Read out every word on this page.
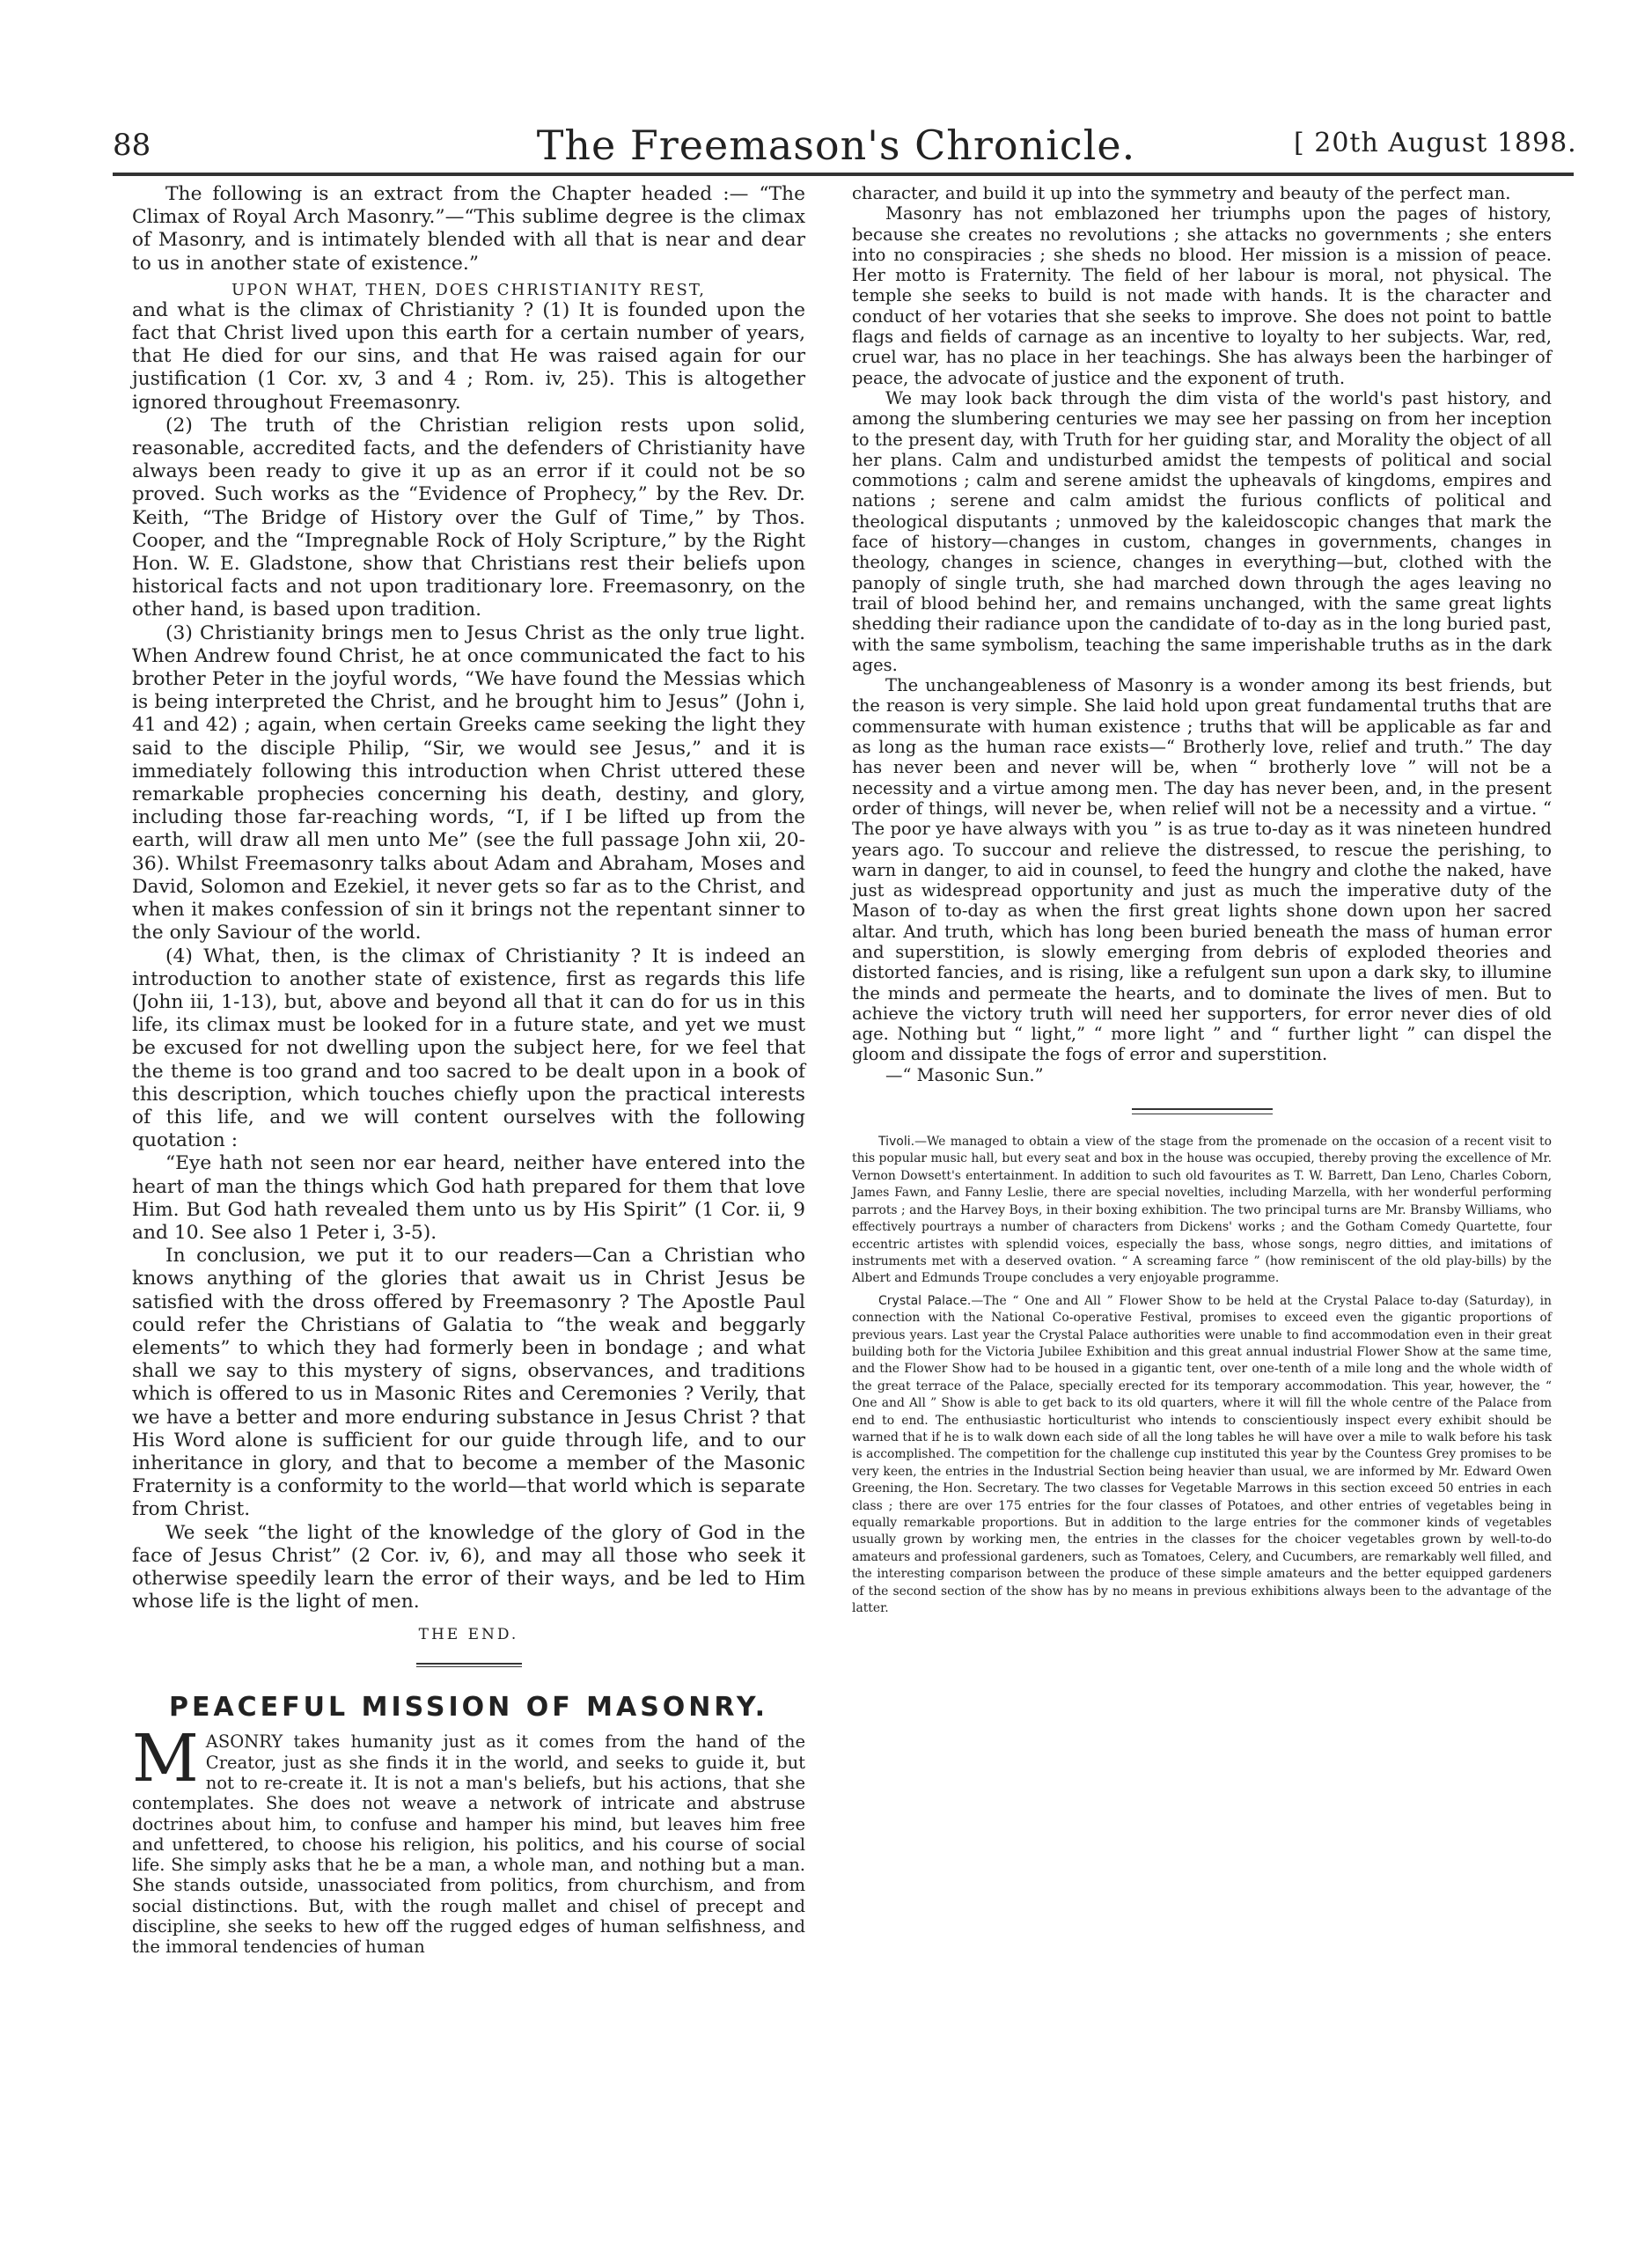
88	The Freemason's Chronicle.	[ 20th August 1898.

The following is an extract from the Chapter headed :— “The Climax of Royal Arch Masonry.”—“This sublime degree is the climax of Masonry, and is intimately blended with all that is near and dear to us in another state of existence.”

UPON WHAT, THEN, DOES CHRISTIANITY REST,

and what is the climax of Christianity ? (1) It is founded upon the fact that Christ lived upon this earth for a certain number of years, that He died for our sins, and that He was raised again for our justification (1 Cor. xv, 3 and 4 ; Rom. iv, 25). This is altogether ignored throughout Freemasonry.

(2) The truth of the Christian religion rests upon solid, reasonable, accredited facts, and the defenders of Christianity have always been ready to give it up as an error if it could not be so proved. Such works as the “Evidence of Prophecy,” by the Rev. Dr. Keith, “The Bridge of History over the Gulf of Time,” by Thos. Cooper, and the “Impregnable Rock of Holy Scripture,” by the Right Hon. W. E. Gladstone, show that Christians rest their beliefs upon historical facts and not upon traditionary lore. Freemasonry, on the other hand, is based upon tradition.

(3) Christianity brings men to Jesus Christ as the only true light. When Andrew found Christ, he at once communicated the fact to his brother Peter in the joyful words, “We have found the Messias which is being interpreted the Christ, and he brought him to Jesus” (John i, 41 and 42) ; again, when certain Greeks came seeking the light they said to the disciple Philip, “Sir, we would see Jesus,” and it is immediately following this introduction when Christ uttered these remarkable prophecies concerning his death, destiny, and glory, including those far-reaching words, “I, if I be lifted up from the earth, will draw all men unto Me” (see the full passage John xii, 20-36). Whilst Freemasonry talks about Adam and Abraham, Moses and David, Solomon and Ezekiel, it never gets so far as to the Christ, and when it makes confession of sin it brings not the repentant sinner to the only Saviour of the world.

(4) What, then, is the climax of Christianity ? It is indeed an introduction to another state of existence, first as regards this life (John iii, 1-13), but, above and beyond all that it can do for us in this life, its climax must be looked for in a future state, and yet we must be excused for not dwelling upon the subject here, for we feel that the theme is too grand and too sacred to be dealt upon in a book of this description, which touches chiefly upon the practical interests of this life, and we will content ourselves with the following quotation :

“Eye hath not seen nor ear heard, neither have entered into the heart of man the things which God hath prepared for them that love Him. But God hath revealed them unto us by His Spirit” (1 Cor. ii, 9 and 10. See also 1 Peter i, 3-5).

In conclusion, we put it to our readers—Can a Christian who knows anything of the glories that await us in Christ Jesus be satisfied with the dross offered by Freemasonry ? The Apostle Paul could refer the Christians of Galatia to “the weak and beggarly elements” to which they had formerly been in bondage ; and what shall we say to this mystery of signs, observances, and traditions which is offered to us in Masonic Rites and Ceremonies ? Verily, that we have a better and more enduring substance in Jesus Christ ? that His Word alone is sufficient for our guide through life, and to our inheritance in glory, and that to become a member of the Masonic Fraternity is a conformity to the world—that world which is separate from Christ.

We seek “the light of the knowledge of the glory of God in the face of Jesus Christ” (2 Cor. iv, 6), and may all those who seek it otherwise speedily learn the error of their ways, and be led to Him whose life is the light of men.

THE END.

PEACEFUL MISSION OF MASONRY.
M ASONRY takes humanity just as it comes from the hand of the Creator, just as she finds it in the world, and seeks to guide it, but not to re-create it. It is not a man's beliefs, but his actions, that she contemplates. She does not weave a network of intricate and abstruse doctrines about him, to confuse and hamper his mind, but leaves him free and unfettered, to choose his religion, his politics, and his course of social life. She simply asks that he be a man, a whole man, and nothing but a man. She stands outside, unassociated from politics, from churchism, and from social distinctions. But, with the rough mallet and chisel of precept and discipline, she seeks to hew off the rugged edges of human selfishness, and the immoral tendencies of human

character, and build it up into the symmetry and beauty of the perfect man.

Masonry has not emblazoned her triumphs upon the pages of history, because she creates no revolutions ; she attacks no governments ; she enters into no conspiracies ; she sheds no blood. Her mission is a mission of peace. Her motto is Fraternity. The field of her labour is moral, not physical. The temple she seeks to build is not made with hands. It is the character and conduct of her votaries that she seeks to improve. She does not point to battle flags and fields of carnage as an incentive to loyalty to her subjects. War, red, cruel war, has no place in her teachings. She has always been the harbinger of peace, the advocate of justice and the exponent of truth.

We may look back through the dim vista of the world's past history, and among the slumbering centuries we may see her passing on from her inception to the present day, with Truth for her guiding star, and Morality the object of all her plans. Calm and undisturbed amidst the tempests of political and social commotions ; calm and serene amidst the upheavals of kingdoms, empires and nations ; serene and calm amidst the furious conflicts of political and theological disputants ; unmoved by the kaleidoscopic changes that mark the face of history—changes in custom, changes in governments, changes in theology, changes in science, changes in everything—but, clothed with the panoply of single truth, she had marched down through the ages leaving no trail of blood behind her, and remains unchanged, with the same great lights shedding their radiance upon the candidate of to-day as in the long buried past, with the same symbolism, teaching the same imperishable truths as in the dark ages.

The unchangeableness of Masonry is a wonder among its best friends, but the reason is very simple. She laid hold upon great fundamental truths that are commensurate with human existence ; truths that will be applicable as far and as long as the human race exists—“ Brotherly love, relief and truth.” The day has never been and never will be, when “ brotherly love ” will not be a necessity and a virtue among men. The day has never been, and, in the present order of things, will never be, when relief will not be a necessity and a virtue. “ The poor ye have always with you ” is as true to-day as it was nineteen hundred years ago. To succour and relieve the distressed, to rescue the perishing, to warn in danger, to aid in counsel, to feed the hungry and clothe the naked, have just as widespread opportunity and just as much the imperative duty of the Mason of to-day as when the first great lights shone down upon her sacred altar. And truth, which has long been buried beneath the mass of human error and superstition, is slowly emerging from debris of exploded theories and distorted fancies, and is rising, like a refulgent sun upon a dark sky, to illumine the minds and permeate the hearts, and to dominate the lives of men. But to achieve the victory truth will need her supporters, for error never dies of old age. Nothing but “ light,” “ more light ” and “ further light ” can dispel the gloom and dissipate the fogs of error and superstition.

—“ Masonic Sun.”

Tivoli.—We managed to obtain a view of the stage from the promenade on the occasion of a recent visit to this popular music hall, but every seat and box in the house was occupied, thereby proving the excellence of Mr. Vernon Dowsett's entertainment. In addition to such old favourites as T. W. Barrett, Dan Leno, Charles Coborn, James Fawn, and Fanny Leslie, there are special novelties, including Marzella, with her wonderful performing parrots ; and the Harvey Boys, in their boxing exhibition. The two principal turns are Mr. Bransby Williams, who effectively pourtrays a number of characters from Dickens' works ; and the Gotham Comedy Quartette, four eccentric artistes with splendid voices, especially the bass, whose songs, negro ditties, and imitations of instruments met with a deserved ovation. “ A screaming farce ” (how reminiscent of the old play-bills) by the Albert and Edmunds Troupe concludes a very enjoyable programme.

Crystal Palace.—The “ One and All ” Flower Show to be held at the Crystal Palace to-day (Saturday), in connection with the National Co-operative Festival, promises to exceed even the gigantic proportions of previous years. Last year the Crystal Palace authorities were unable to find accommodation even in their great building both for the Victoria Jubilee Exhibition and this great annual industrial Flower Show at the same time, and the Flower Show had to be housed in a gigantic tent, over one-tenth of a mile long and the whole width of the great terrace of the Palace, specially erected for its temporary accommodation. This year, however, the “ One and All ” Show is able to get back to its old quarters, where it will fill the whole centre of the Palace from end to end. The enthusiastic horticulturist who intends to conscientiously inspect every exhibit should be warned that if he is to walk down each side of all the long tables he will have over a mile to walk before his task is accomplished. The competition for the challenge cup instituted this year by the Countess Grey promises to be very keen, the entries in the Industrial Section being heavier than usual, we are informed by Mr. Edward Owen Greening, the Hon. Secretary. The two classes for Vegetable Marrows in this section exceed 50 entries in each class ; there are over 175 entries for the four classes of Potatoes, and other entries of vegetables being in equally remarkable proportions. But in addition to the large entries for the commoner kinds of vegetables usually grown by working men, the entries in the classes for the choicer vegetables grown by well-to-do amateurs and professional gardeners, such as Tomatoes, Celery, and Cucumbers, are remarkably well filled, and the interesting comparison between the produce of these simple amateurs and the better equipped gardeners of the second section of the show has by no means in previous exhibitions always been to the advantage of the latter.
